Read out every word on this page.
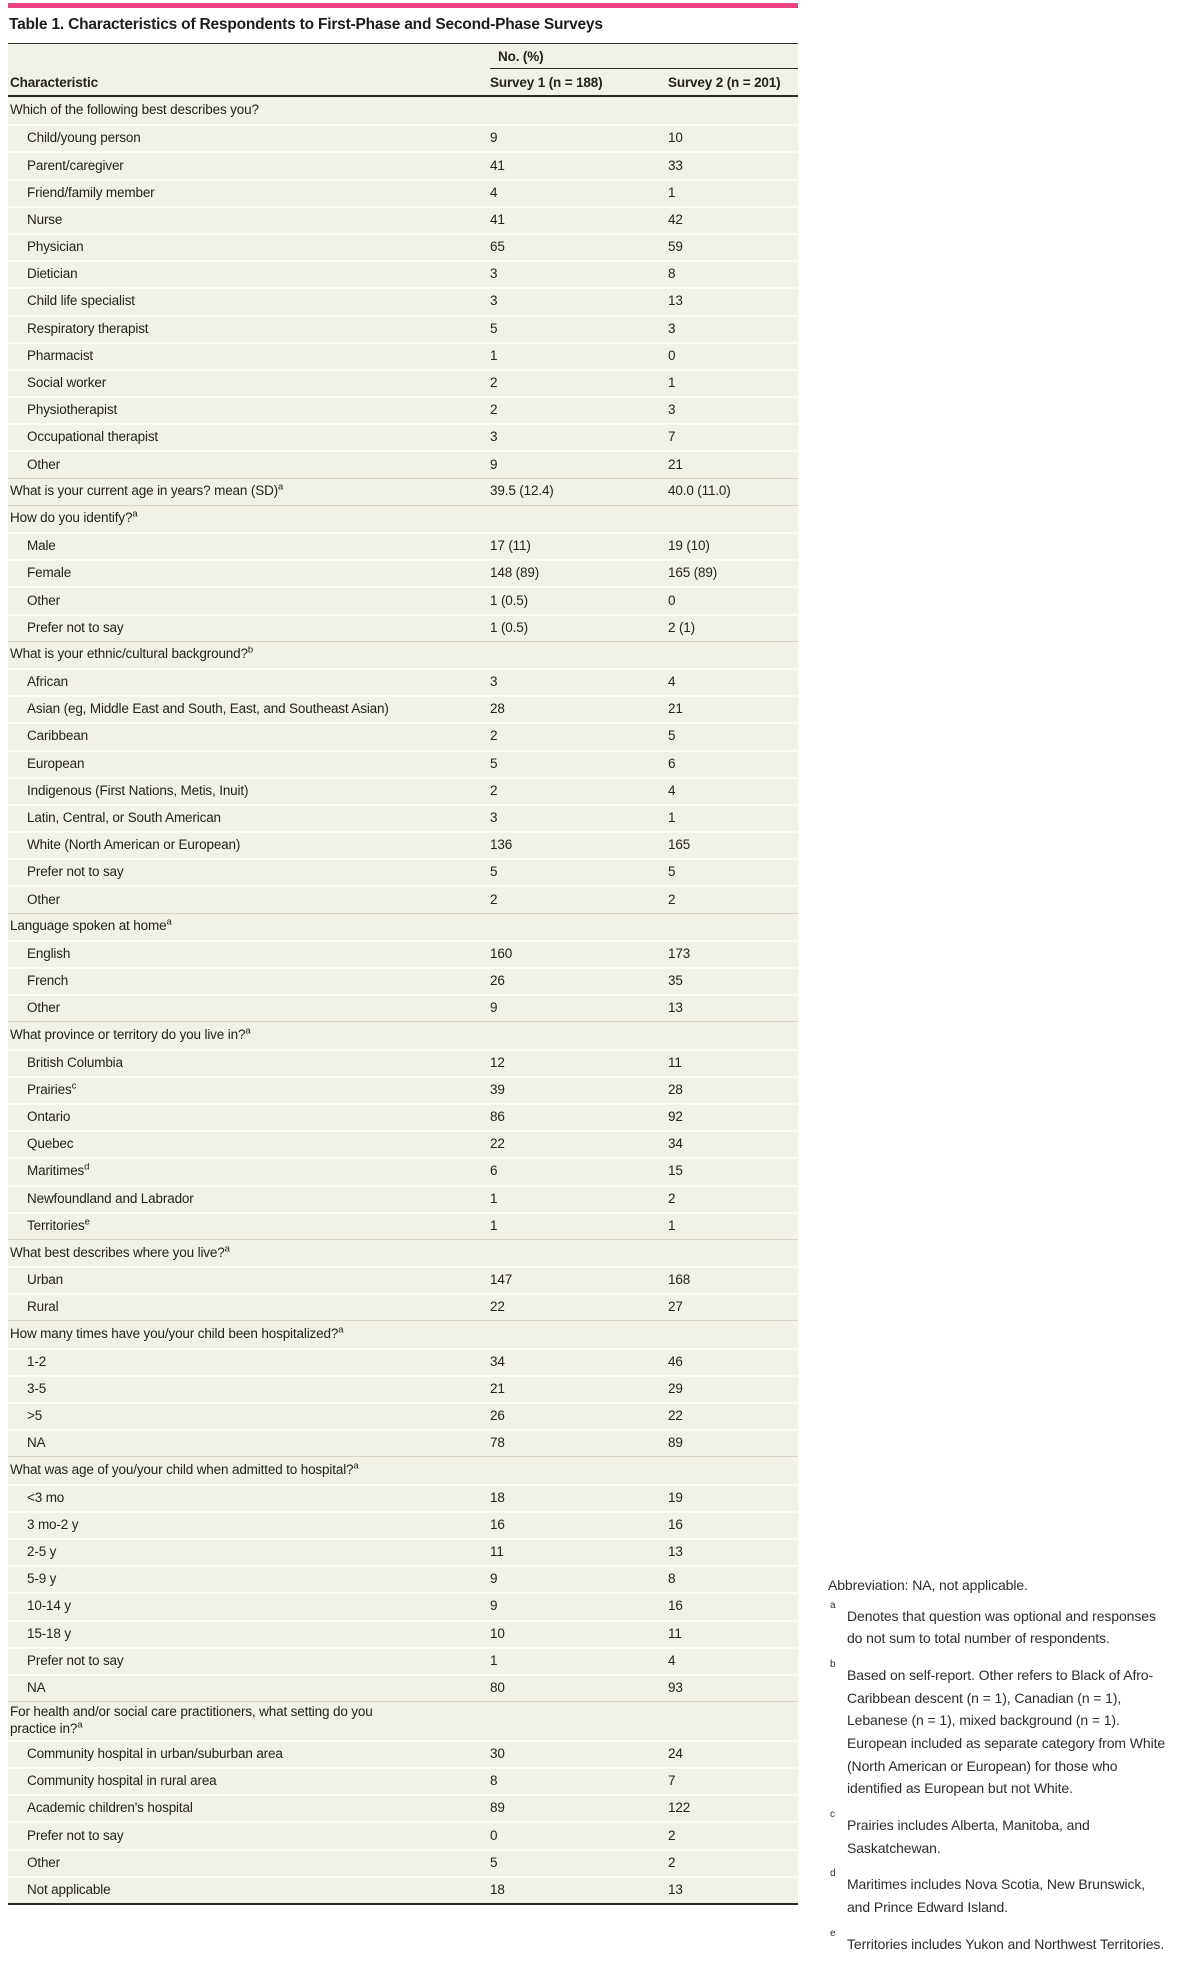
Table 1. Characteristics of Respondents to First-Phase and Second-Phase Surveys
No. (%)
Characteristic	Survey 1 (n = 188)	Survey 2 (n = 201)
Which of the following best describes you?
Child/young person	9	10
Parent/caregiver	41	33
Friend/family member	4	1
Nurse	41	42
Physician	65	59
Dietician	3	8
Child life specialist	3	13
Respiratory therapist	5	3
Pharmacist	1	0
Social worker	2	1
Physiotherapist	2	3
Occupational therapist	3	7
Other	9	21
What is your current age in years? mean (SD)$^a$	39.5 (12.4)	40.0 (11.0)
How do you identify?$^a$
Male	17 (11)	19 (10)
Female	148 (89)	165 (89)
Other	1 (0.5)	0
Prefer not to say	1 (0.5)	2 (1)
What is your ethnic/cultural background?$^b$
African	3	4
Asian (eg, Middle East and South, East, and Southeast Asian)	28	21
Caribbean	2	5
European	5	6
Indigenous (First Nations, Metis, Inuit)	2	4
Latin, Central, or South American	3	1
White (North American or European)	136	165
Prefer not to say	5	5
Other	2	2
Language spoken at home$^a$
English	160	173
French	26	35
Other	9	13
What province or territory do you live in?$^a$
British Columbia	12	11
Prairies$^c$	39	28
Ontario	86	92
Quebec	22	34
Maritimes$^d$	6	15
Newfoundland and Labrador	1	2
Territories$^e$	1	1
What best describes where you live?$^a$
Urban	147	168
Rural	22	27
How many times have you/your child been hospitalized?$^a$
1-2	34	46
3-5	21	29
>5	26	22
NA	78	89
What was age of you/your child when admitted to hospital?$^a$
<3 mo	18	19
3 mo-2 y	16	16
2-5 y	11	13
5-9 y	9	8
10-14 y	9	16
15-18 y	10	11
Prefer not to say	1	4
NA	80	93
For health and/or social care practitioners, what setting do you practice in?$^a$
Community hospital in urban/suburban area	30	24
Community hospital in rural area	8	7
Academic children's hospital	89	122
Prefer not to say	0	2
Other	5	2
Not applicable	18	13

Abbreviation: NA, not applicable.

a
Denotes that question was optional and responses do not sum to total number of respondents.

b
Based on self-report. Other refers to Black of Afro-Caribbean descent (n = 1), Canadian (n = 1), Lebanese (n = 1), mixed background (n = 1). European included as separate category from White (North American or European) for those who identified as European but not White.

c
Prairies includes Alberta, Manitoba, and Saskatchewan.

d
Maritimes includes Nova Scotia, New Brunswick, and Prince Edward Island.

e
Territories includes Yukon and Northwest Territories.
